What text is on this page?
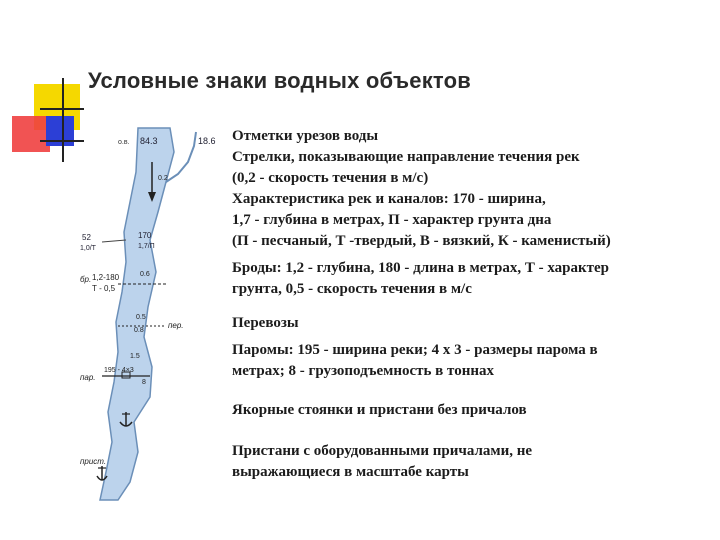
Условные знаки водных объектов
о.в. 84.3	18.6
0.2
52
1,0/Т
170
1,7/П
бр. 1,2-180
Т - 0,5
0.6
0.5
0.8
пер.
пар.
195 - 4×3
1.5
8
прист.

Отметки урезов воды

Стрелки, показывающие направление течения рек

(0,2 - скорость течения в м/с)

Характеристика рек и каналов: 170 - ширина,

1,7 - глубина в метрах, П - характер грунта дна

(П - песчаный, Т -твердый, В - вязкий, К - каменистый)

Броды: 1,2 - глубина, 180 - длина в метрах, Т - характер

грунта, 0,5 - скорость течения в м/с

Перевозы

Паромы: 195 - ширина реки; 4 х 3 - размеры парома в

метрах; 8 - грузоподъемность в тоннах

Якорные стоянки и пристани без причалов

Пристани с оборудованными причалами, не

выражающиеся в масштабе карты
